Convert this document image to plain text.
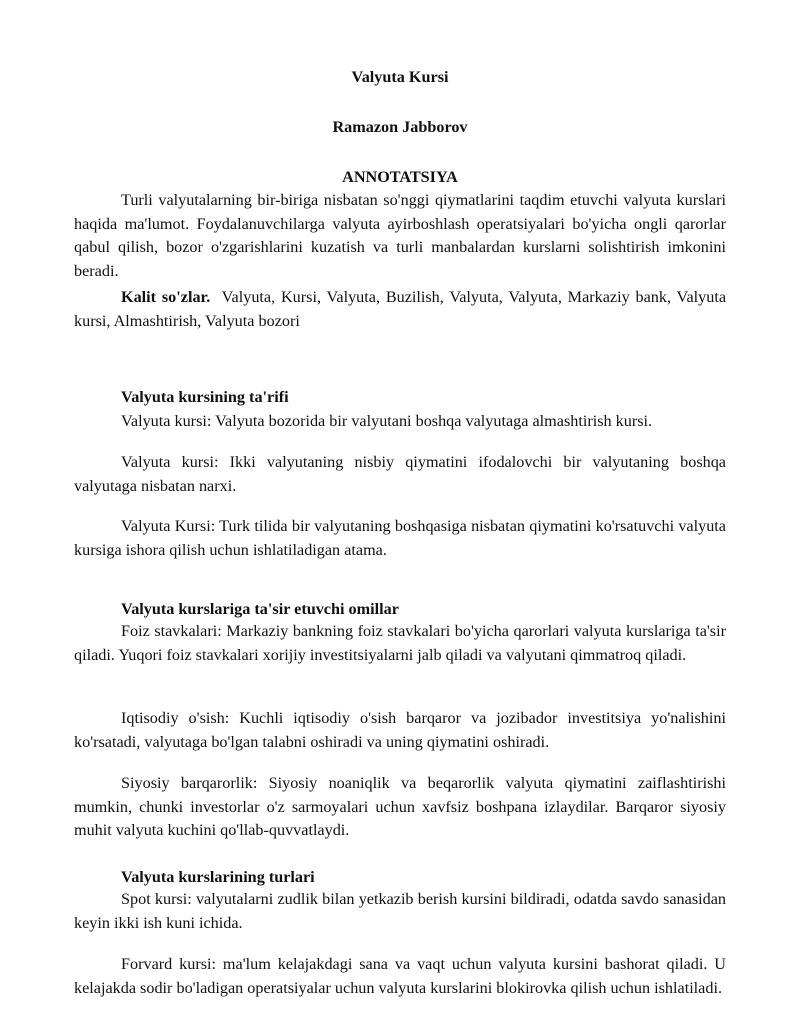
Valyuta Kursi
Ramazon Jabborov
ANNOTATSIYA

Turli valyutalarning bir-biriga nisbatan so'nggi qiymatlarini taqdim etuvchi valyuta kurslari haqida ma'lumot. Foydalanuvchilarga valyuta ayirboshlash operatsiyalari bo'yicha ongli qarorlar qabul qilish, bozor o'zgarishlarini kuzatish va turli manbalardan kurslarni solishtirish imkonini beradi.

Kalit so'zlar. Valyuta, Kursi, Valyuta, Buzilish, Valyuta, Valyuta, Markaziy bank, Valyuta kursi, Almashtirish, Valyuta bozori

Valyuta kursining ta'rifi

Valyuta kursi: Valyuta bozorida bir valyutani boshqa valyutaga almashtirish kursi.

Valyuta kursi: Ikki valyutaning nisbiy qiymatini ifodalovchi bir valyutaning boshqa valyutaga nisbatan narxi.

Valyuta Kursi: Turk tilida bir valyutaning boshqasiga nisbatan qiymatini ko'rsatuvchi valyuta kursiga ishora qilish uchun ishlatiladigan atama.

Valyuta kurslariga ta'sir etuvchi omillar

Foiz stavkalari: Markaziy bankning foiz stavkalari bo'yicha qarorlari valyuta kurslariga ta'sir qiladi. Yuqori foiz stavkalari xorijiy investitsiyalarni jalb qiladi va valyutani qimmatroq qiladi.

Iqtisodiy o'sish: Kuchli iqtisodiy o'sish barqaror va jozibador investitsiya yo'nalishini ko'rsatadi, valyutaga bo'lgan talabni oshiradi va uning qiymatini oshiradi.

Siyosiy barqarorlik: Siyosiy noaniqlik va beqarorlik valyuta qiymatini zaiflashtirishi mumkin, chunki investorlar o'z sarmoyalari uchun xavfsiz boshpana izlaydilar. Barqaror siyosiy muhit valyuta kuchini qo'llab-quvvatlaydi.

Valyuta kurslarining turlari

Spot kursi: valyutalarni zudlik bilan yetkazib berish kursini bildiradi, odatda savdo sanasidan keyin ikki ish kuni ichida.

Forvard kursi: ma'lum kelajakdagi sana va vaqt uchun valyuta kursini bashorat qiladi. U kelajakda sodir bo'ladigan operatsiyalar uchun valyuta kurslarini blokirovka qilish uchun ishlatiladi.
